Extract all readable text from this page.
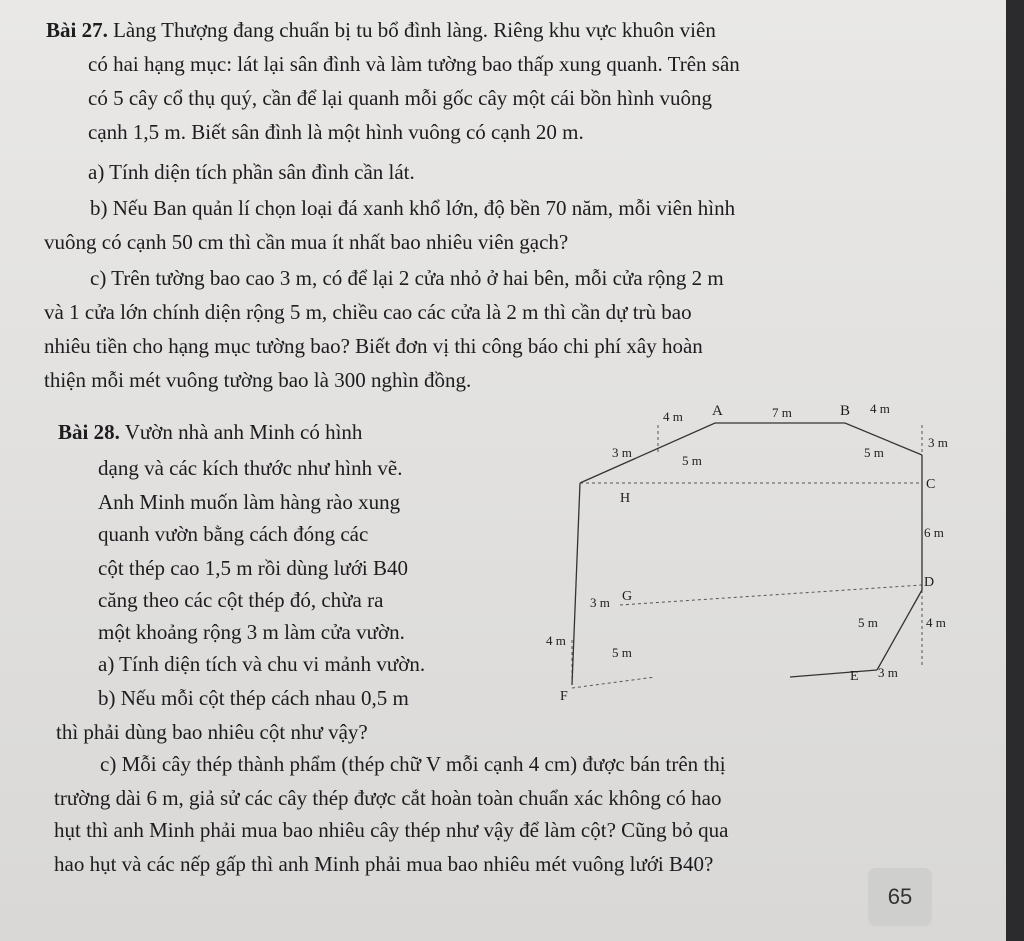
Bài 27. Làng Thượng đang chuẩn bị tu bổ đình làng. Riêng khu vực khuôn viên
có hai hạng mục: lát lại sân đình và làm tường bao thấp xung quanh. Trên sân
có 5 cây cổ thụ quý, cần để lại quanh mỗi gốc cây một cái bồn hình vuông
cạnh 1,5 m. Biết sân đình là một hình vuông có cạnh 20 m.
a) Tính diện tích phần sân đình cần lát.
b) Nếu Ban quản lí chọn loại đá xanh khổ lớn, độ bền 70 năm, mỗi viên hình
vuông có cạnh 50 cm thì cần mua ít nhất bao nhiêu viên gạch?
c) Trên tường bao cao 3 m, có để lại 2 cửa nhỏ ở hai bên, mỗi cửa rộng 2 m
và 1 cửa lớn chính diện rộng 5 m, chiều cao các cửa là 2 m thì cần dự trù bao
nhiêu tiền cho hạng mục tường bao? Biết đơn vị thi công báo chi phí xây hoàn
thiện mỗi mét vuông tường bao là 300 nghìn đồng.
Bài 28. Vườn nhà anh Minh có hình
dạng và các kích thước như hình vẽ.
Anh Minh muốn làm hàng rào xung
quanh vườn bằng cách đóng các
cột thép cao 1,5 m rồi dùng lưới B40
căng theo các cột thép đó, chừa ra
một khoảng rộng 3 m làm cửa vườn.
a) Tính diện tích và chu vi mảnh vườn.
b) Nếu mỗi cột thép cách nhau 0,5 m
thì phải dùng bao nhiêu cột như vậy?
c) Mỗi cây thép thành phẩm (thép chữ V mỗi cạnh 4 cm) được bán trên thị
trường dài 6 m, giả sử các cây thép được cắt hoàn toàn chuẩn xác không có hao
hụt thì anh Minh phải mua bao nhiêu cây thép như vậy để làm cột? Cũng bỏ qua
hao hụt và các nếp gấp thì anh Minh phải mua bao nhiêu mét vuông lưới B40?
4 m A	7 m	B 4 m
3 m
5 m
5 m
3 m
H
C
6 m
3 m G
D
5 m	4 m
4 m
5 m
E 3 m
F
65
